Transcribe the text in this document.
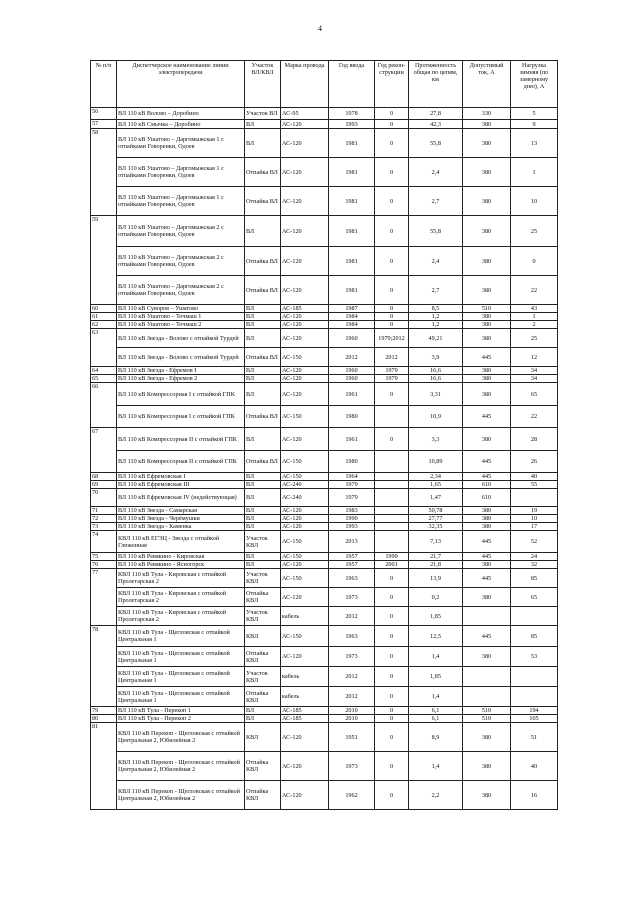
4
№ п/п	Диспетчерское наименование линии электропередачи	Участок ВЛ/КВЛ	Марка провода	Год ввода	Год рекон-струкции	Протяженность общая по цепям, км	Допустимый ток, А	Нагрузка зимняя (по замерному дню), А
56	ВЛ 110 кВ Волово – Доробино	Участок ВЛ	АС-95	1978	0	27,8	330	5
57	ВЛ 110 кВ Смычка – Доробино	ВЛ	АС-120	1993	0	42,3	380	9
58	ВЛ 110 кВ Ушатово – Даргомыжская 1 с отпайками Говоренки, Одоев	ВЛ	АС-120	1981	0	55,8	380	13
	ВЛ 110 кВ Ушатово – Даргомыжская 1 с отпайками Говоренки, Одоев	Отпайка ВЛ	АС-120	1981	0	2,4	380	1
	ВЛ 110 кВ Ушатово – Даргомыжская 1 с отпайками Говоренки, Одоев	Отпайка ВЛ	АС-120	1981	0	2,7	380	10
59	ВЛ 110 кВ Ушатово – Даргомыжская 2 с отпайками Говоренки, Одоев	ВЛ	АС-120	1981	0	55,8	380	25
	ВЛ 110 кВ Ушатово – Даргомыжская 2 с отпайками Говоренки, Одоев	Отпайка ВЛ	АС-120	1981	0	2,4	380	0
	ВЛ 110 кВ Ушатово – Даргомыжская 2 с отпайками Говоренки, Одоев	Отпайка ВЛ	АС-120	1981	0	2,7	380	22
60	ВЛ 110 кВ Суворов – Ушатово	ВЛ	АС-185	1987	0	8,5	510	43
61	ВЛ 110 кВ Ушатово – Точмаш 1	ВЛ	АС-120	1984	0	1,2	380	1
62	ВЛ 110 кВ Ушатово – Точмаш 2	ВЛ	АС-120	1984	0	1,2	380	2
63	ВЛ 110 кВ Звезда - Волово с отпайкой Турдей	ВЛ	АС-120	1960	1979;2012	49,21	380	25
	ВЛ 110 кВ Звезда - Волово с отпайкой Турдей	Отпайка ВЛ	АС-150	2012	2012	3,9	445	12
64	ВЛ 110 кВ Звезда - Ефремов I	ВЛ	АС-120	1960	1979	16,6	380	34
65	ВЛ 110 кВ Звезда - Ефремов 2	ВЛ	АС-120	1960	1979	16,6	380	34
66	ВЛ 110 кВ Компрессорная I с отпайкой ГПК	ВЛ	АС-120	1961	0	3,31	380	65
	ВЛ 110 кВ Компрессорная I с отпайкой ГПК	Отпайка ВЛ	АС-150	1980		10,9	445	22
67	ВЛ 110 кВ Компрессорная II с отпайкой ГПК	ВЛ	АС-120	1961	0	3,3	380	28
	ВЛ 110 кВ Компрессорная II с отпайкой ГПК	Отпайка ВЛ	АС-150	1980		10,89	445	26
68	ВЛ 110 кВ Ефремовская I	ВЛ	АС-150	1964		2,34	445	40
69	ВЛ 110 кВ Ефремовская III	ВЛ	АС-240	1979		1,65	610	55
70	ВЛ 110 кВ Ефремовская IV (недействующая)	ВЛ	АС-240	1979		1,47	610	
71	ВЛ 110 кВ Звезда - Самарская	ВЛ	АС-120	1983		50,78	380	19
72	ВЛ 110 кВ Звезда - Черёмушки	ВЛ	АС-120	1990		27,77	380	10
73	ВЛ 110 кВ Звезда - Каменка	ВЛ	АС-120	1993		32,35	380	17
74	КВЛ 110 кВ ЕГЭЦ - Звезда с отпайкой Глюконная	Участок КВЛ	АС-150	2013		7,13	445	52
75	ВЛ 110 кВ Ревякино - Кировская	ВЛ	АС-150	1957	1999	21,7	445	24
76	ВЛ 110 кВ Ревякино - Ясногорск	ВЛ	АС-120	1957	2001	21,8	380	32
77	КВЛ 110 кВ Тула - Кировская с отпайкой Пролетарская 2	Участок КВЛ	АС-150	1963	0	13,9	445	85
	КВЛ 110 кВ Тула - Кировская с отпайкой Пролетарская 2	Отпайка КВЛ	АС-120	1973	0	0,2	380	65
	КВЛ 110 кВ Тула - Кировская с отпайкой Пролетарская 2	Участок КВЛ	кабель	2012	0	1,85		
78	КВЛ 110 кВ Тула - Щегловская с отпайкой Центральная 1	КВЛ	АС-150	1963	0	12,5	445	85
	КВЛ 110 кВ Тула - Щегловская с отпайкой Центральная 1	Отпайка КВЛ	АС-120	1973	0	1,4	380	53
	КВЛ 110 кВ Тула - Щегловская с отпайкой Центральная 1	Участок КВЛ	кабель	2012	0	1,85		
	КВЛ 110 кВ Тула - Щегловская с отпайкой Центральная 1	Отпайка КВЛ	кабель	2012	0	1,4		
79	ВЛ 110 кВ Тула - Перекоп 1	ВЛ	АС-185	2010	0	6,1	510	194
80	ВЛ 110 кВ Тула - Перекоп 2	ВЛ	АС-185	2010	0	6,1	510	105
81	КВЛ 110 кВ Перекоп - Щегловская с отпайкой Центральная 2, Юбилейная 2	КВЛ	АС-120	1951	0	8,9	380	51
	КВЛ 110 кВ Перекоп - Щегловская с отпайкой Центральная 2, Юбилейная 2	Отпайка КВЛ	АС-120	1973	0	1,4	380	40
	КВЛ 110 кВ Перекоп - Щегловская с отпайкой Центральная 2, Юбилейная 2	Отпайка КВЛ	АС-120	1962	0	2,2	380	16
